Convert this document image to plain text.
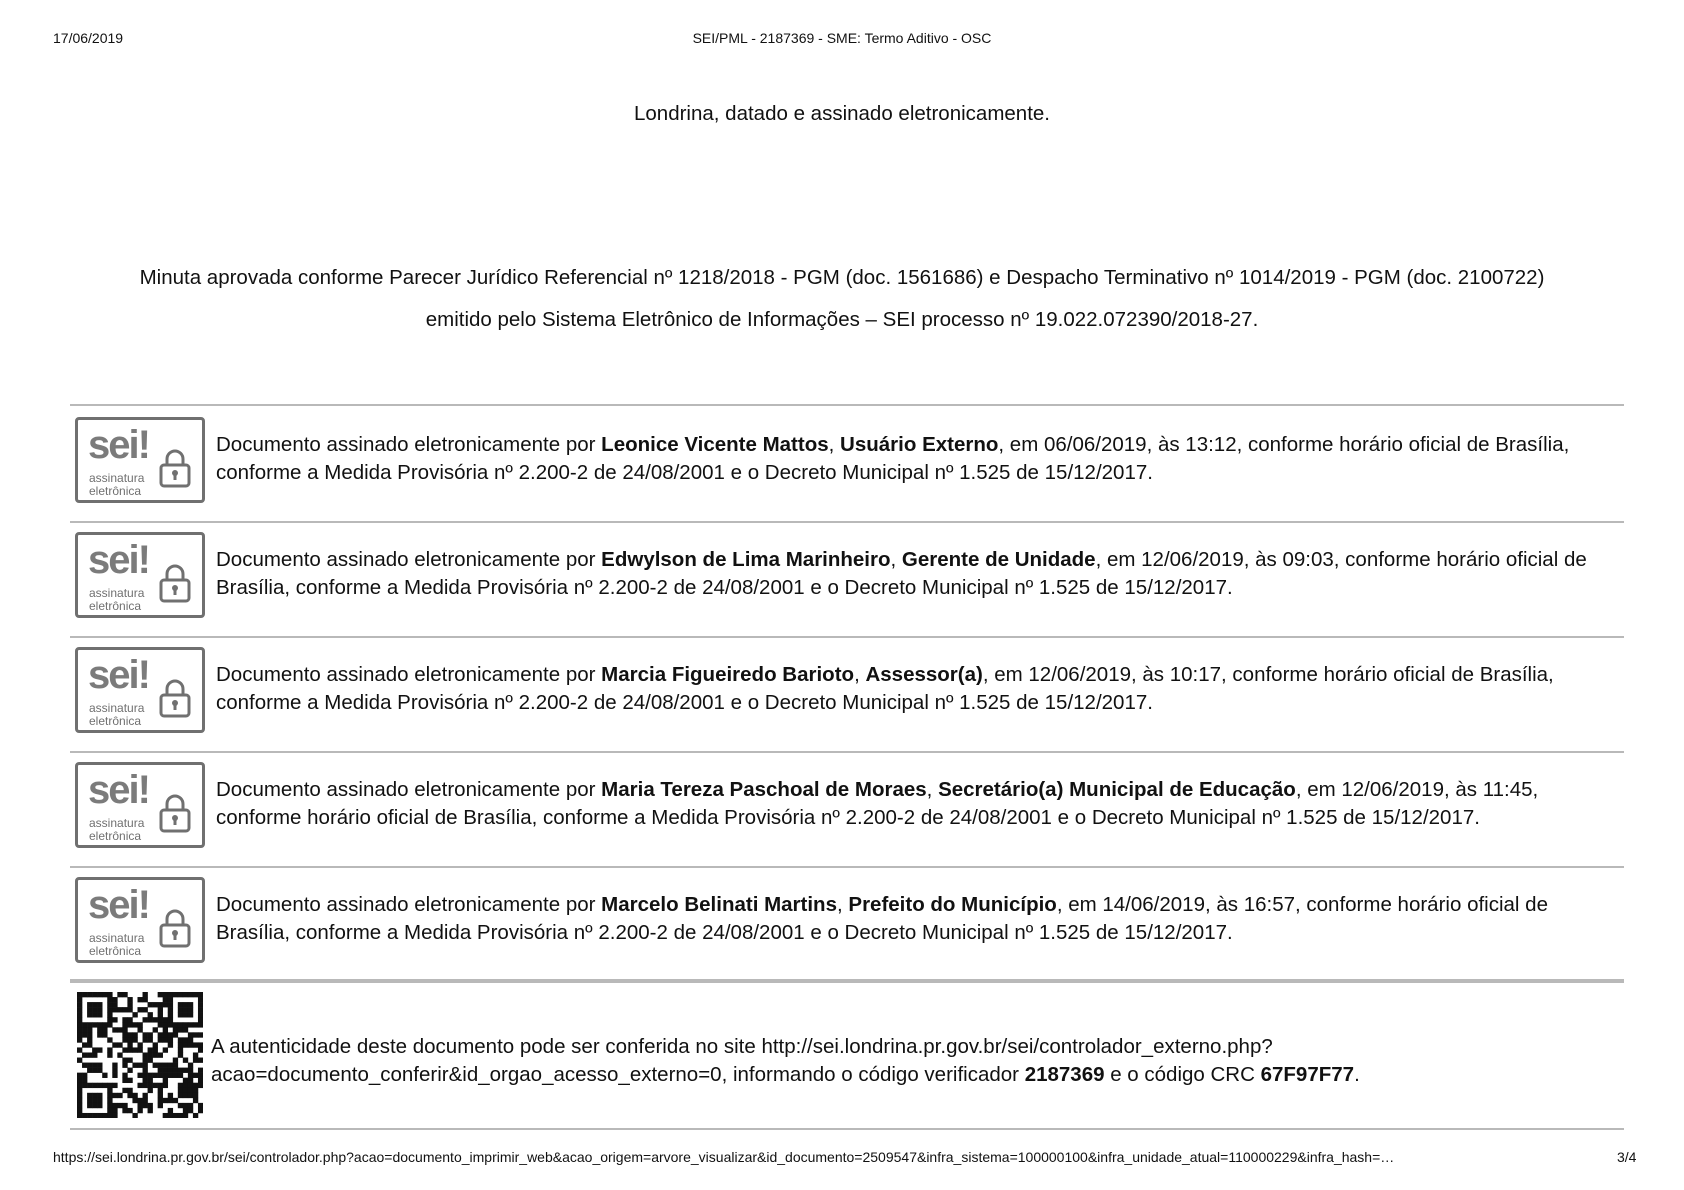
17/06/2019	SEI/PML - 2187369 - SME: Termo Aditivo - OSC
Londrina, datado e assinado eletronicamente.
Minuta aprovada conforme Parecer Jurídico Referencial nº 1218/2018 - PGM (doc. 1561686) e Despacho Terminativo nº 1014/2019 - PGM (doc. 2100722)
emitido pelo Sistema Eletrônico de Informações – SEI processo nº 19.022.072390/2018-27.
sei!
assinatura
eletrônica
Documento assinado eletronicamente por Leonice Vicente Mattos, Usuário Externo, em 06/06/2019, às 13:12, conforme horário oficial de Brasília, conforme a Medida Provisória nº 2.200-2 de 24/08/2001 e o Decreto Municipal nº 1.525 de 15/12/2017.
sei!
assinatura
eletrônica
Documento assinado eletronicamente por Edwylson de Lima Marinheiro, Gerente de Unidade, em 12/06/2019, às 09:03, conforme horário oficial de Brasília, conforme a Medida Provisória nº 2.200-2 de 24/08/2001 e o Decreto Municipal nº 1.525 de 15/12/2017.
sei!
assinatura
eletrônica
Documento assinado eletronicamente por Marcia Figueiredo Barioto, Assessor(a), em 12/06/2019, às 10:17, conforme horário oficial de Brasília, conforme a Medida Provisória nº 2.200-2 de 24/08/2001 e o Decreto Municipal nº 1.525 de 15/12/2017.
sei!
assinatura
eletrônica
Documento assinado eletronicamente por Maria Tereza Paschoal de Moraes, Secretário(a) Municipal de Educação, em 12/06/2019, às 11:45, conforme horário oficial de Brasília, conforme a Medida Provisória nº 2.200-2 de 24/08/2001 e o Decreto Municipal nº 1.525 de 15/12/2017.
sei!
assinatura
eletrônica
Documento assinado eletronicamente por Marcelo Belinati Martins, Prefeito do Município, em 14/06/2019, às 16:57, conforme horário oficial de Brasília, conforme a Medida Provisória nº 2.200-2 de 24/08/2001 e o Decreto Municipal nº 1.525 de 15/12/2017.
A autenticidade deste documento pode ser conferida no site http://sei.londrina.pr.gov.br/sei/controlador_externo.php?acao=documento_conferir&id_orgao_acesso_externo=0, informando o código verificador 2187369 e o código CRC 67F97F77.
https://sei.londrina.pr.gov.br/sei/controlador.php?acao=documento_imprimir_web&acao_origem=arvore_visualizar&id_documento=2509547&infra_sistema=100000100&infra_unidade_atual=110000229&infra_hash=…	3/4
